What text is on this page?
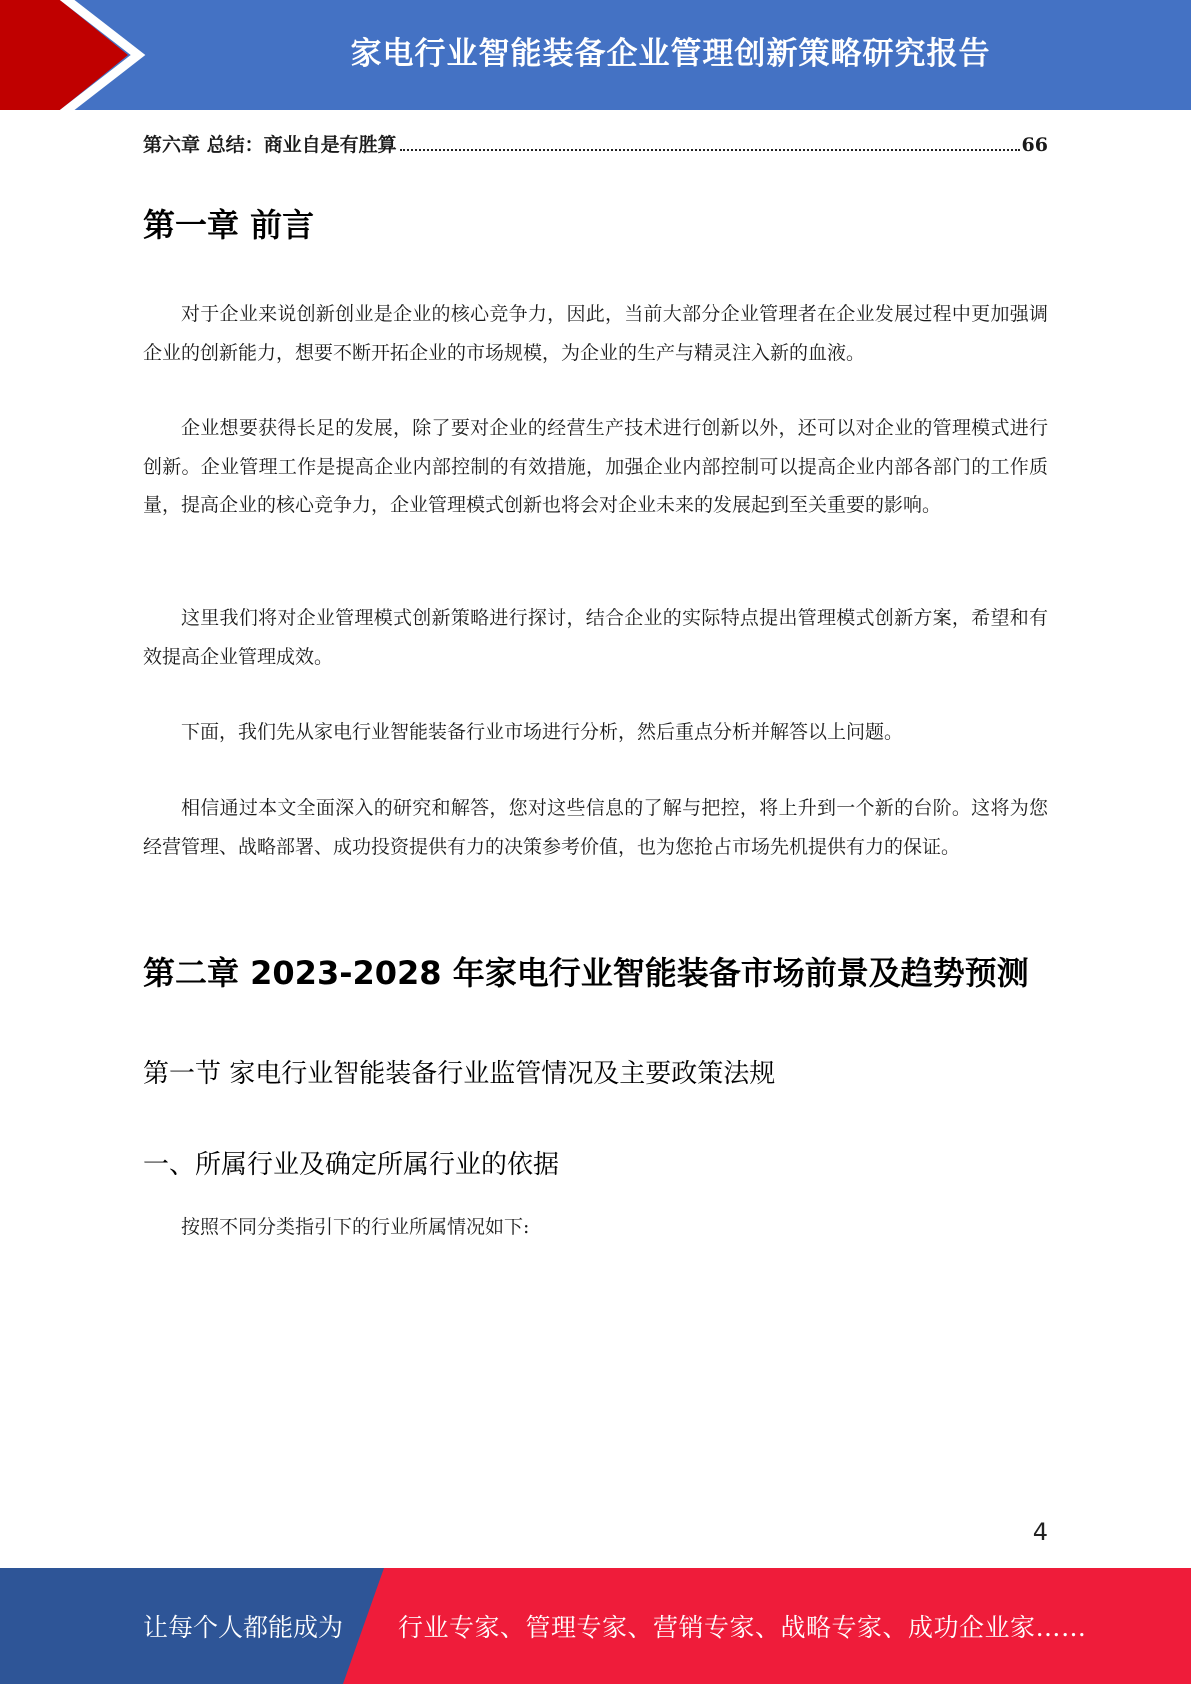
家电行业智能装备企业管理创新策略研究报告
第六章 总结：商业自是有胜算	66
第一章 前言

对于企业来说创新创业是企业的核心竞争力，因此，当前大部分企业管理者在企业发展过程中更加强调企业的创新能力，想要不断开拓企业的市场规模，为企业的生产与精灵注入新的血液。

企业想要获得长足的发展，除了要对企业的经营生产技术进行创新以外，还可以对企业的管理模式进行创新。企业管理工作是提高企业内部控制的有效措施，加强企业内部控制可以提高企业内部各部门的工作质量，提高企业的核心竞争力，企业管理模式创新也将会对企业未来的发展起到至关重要的影响。

这里我们将对企业管理模式创新策略进行探讨，结合企业的实际特点提出管理模式创新方案，希望和有效提高企业管理成效。

下面，我们先从家电行业智能装备行业市场进行分析，然后重点分析并解答以上问题。

相信通过本文全面深入的研究和解答，您对这些信息的了解与把控，将上升到一个新的台阶。这将为您经营管理、战略部署、成功投资提供有力的决策参考价值，也为您抢占市场先机提供有力的保证。

第二章 2023-2028 年家电行业智能装备市场前景及趋势预测
第一节 家电行业智能装备行业监管情况及主要政策法规
一、所属行业及确定所属行业的依据

按照不同分类指引下的行业所属情况如下:

4
让每个人都能成为 行业专家、管理专家、营销专家、战略专家、成功企业家……
